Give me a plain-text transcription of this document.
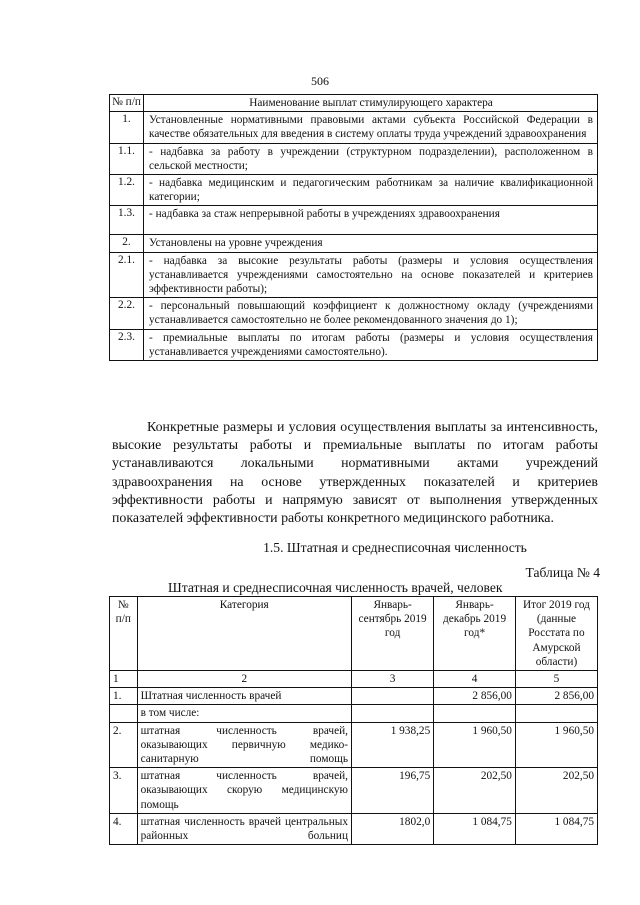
506
№ п/п	Наименование выплат стимулирующего характера
1.	Установленные нормативными правовыми актами субъекта Российской Федерации в качестве обязательных для введения в систему оплаты труда учреждений здравоохранения
1.1.	- надбавка за работу в учреждении (структурном подразделении), расположенном в сельской местности;
1.2.	- надбавка медицинским и педагогическим работникам за наличие квалификационной категории;
1.3.	- надбавка за стаж непрерывной работы в учреждениях здравоохранения
2.	Установлены на уровне учреждения
2.1.	- надбавка за высокие результаты работы (размеры и условия осуществления устанавливается учреждениями самостоятельно на основе показателей и критериев эффективности работы);
2.2.	- персональный повышающий коэффициент к должностному окладу (учреждениями устанавливается самостоятельно не более рекомендованного значения до 1);
2.3.	- премиальные выплаты по итогам работы (размеры и условия осуществления устанавливается учреждениями самостоятельно).
Конкретные размеры и условия осуществления выплаты за интенсивность, высокие результаты работы и премиальные выплаты по итогам работы устанавливаются локальными нормативными актами учреждений здравоохранения на основе утвержденных показателей и критериев эффективности работы и напрямую зависят от выполнения утвержденных показателей эффективности работы конкретного медицинского работника.
1.5. Штатная и среднесписочная численность
Таблица № 4
Штатная и среднесписочная численность врачей, человек
№ п/п	Категория	Январь-сентябрь 2019 год	Январь-декабрь 2019 год*	Итог 2019 год (данные Росстата по Амурской области)
1	2	3	4	5
1.	Штатная численность врачей		2 856,00	2 856,00
	в том числе:			
2.	штатная численность врачей, оказывающих первичную медико-санитарную помощь	1 938,25	1 960,50	1 960,50
3.	штатная численность врачей, оказывающих скорую медицинскую помощь	196,75	202,50	202,50
4.	штатная численность врачей центральных районных больниц	1802,0	1 084,75	1 084,75
